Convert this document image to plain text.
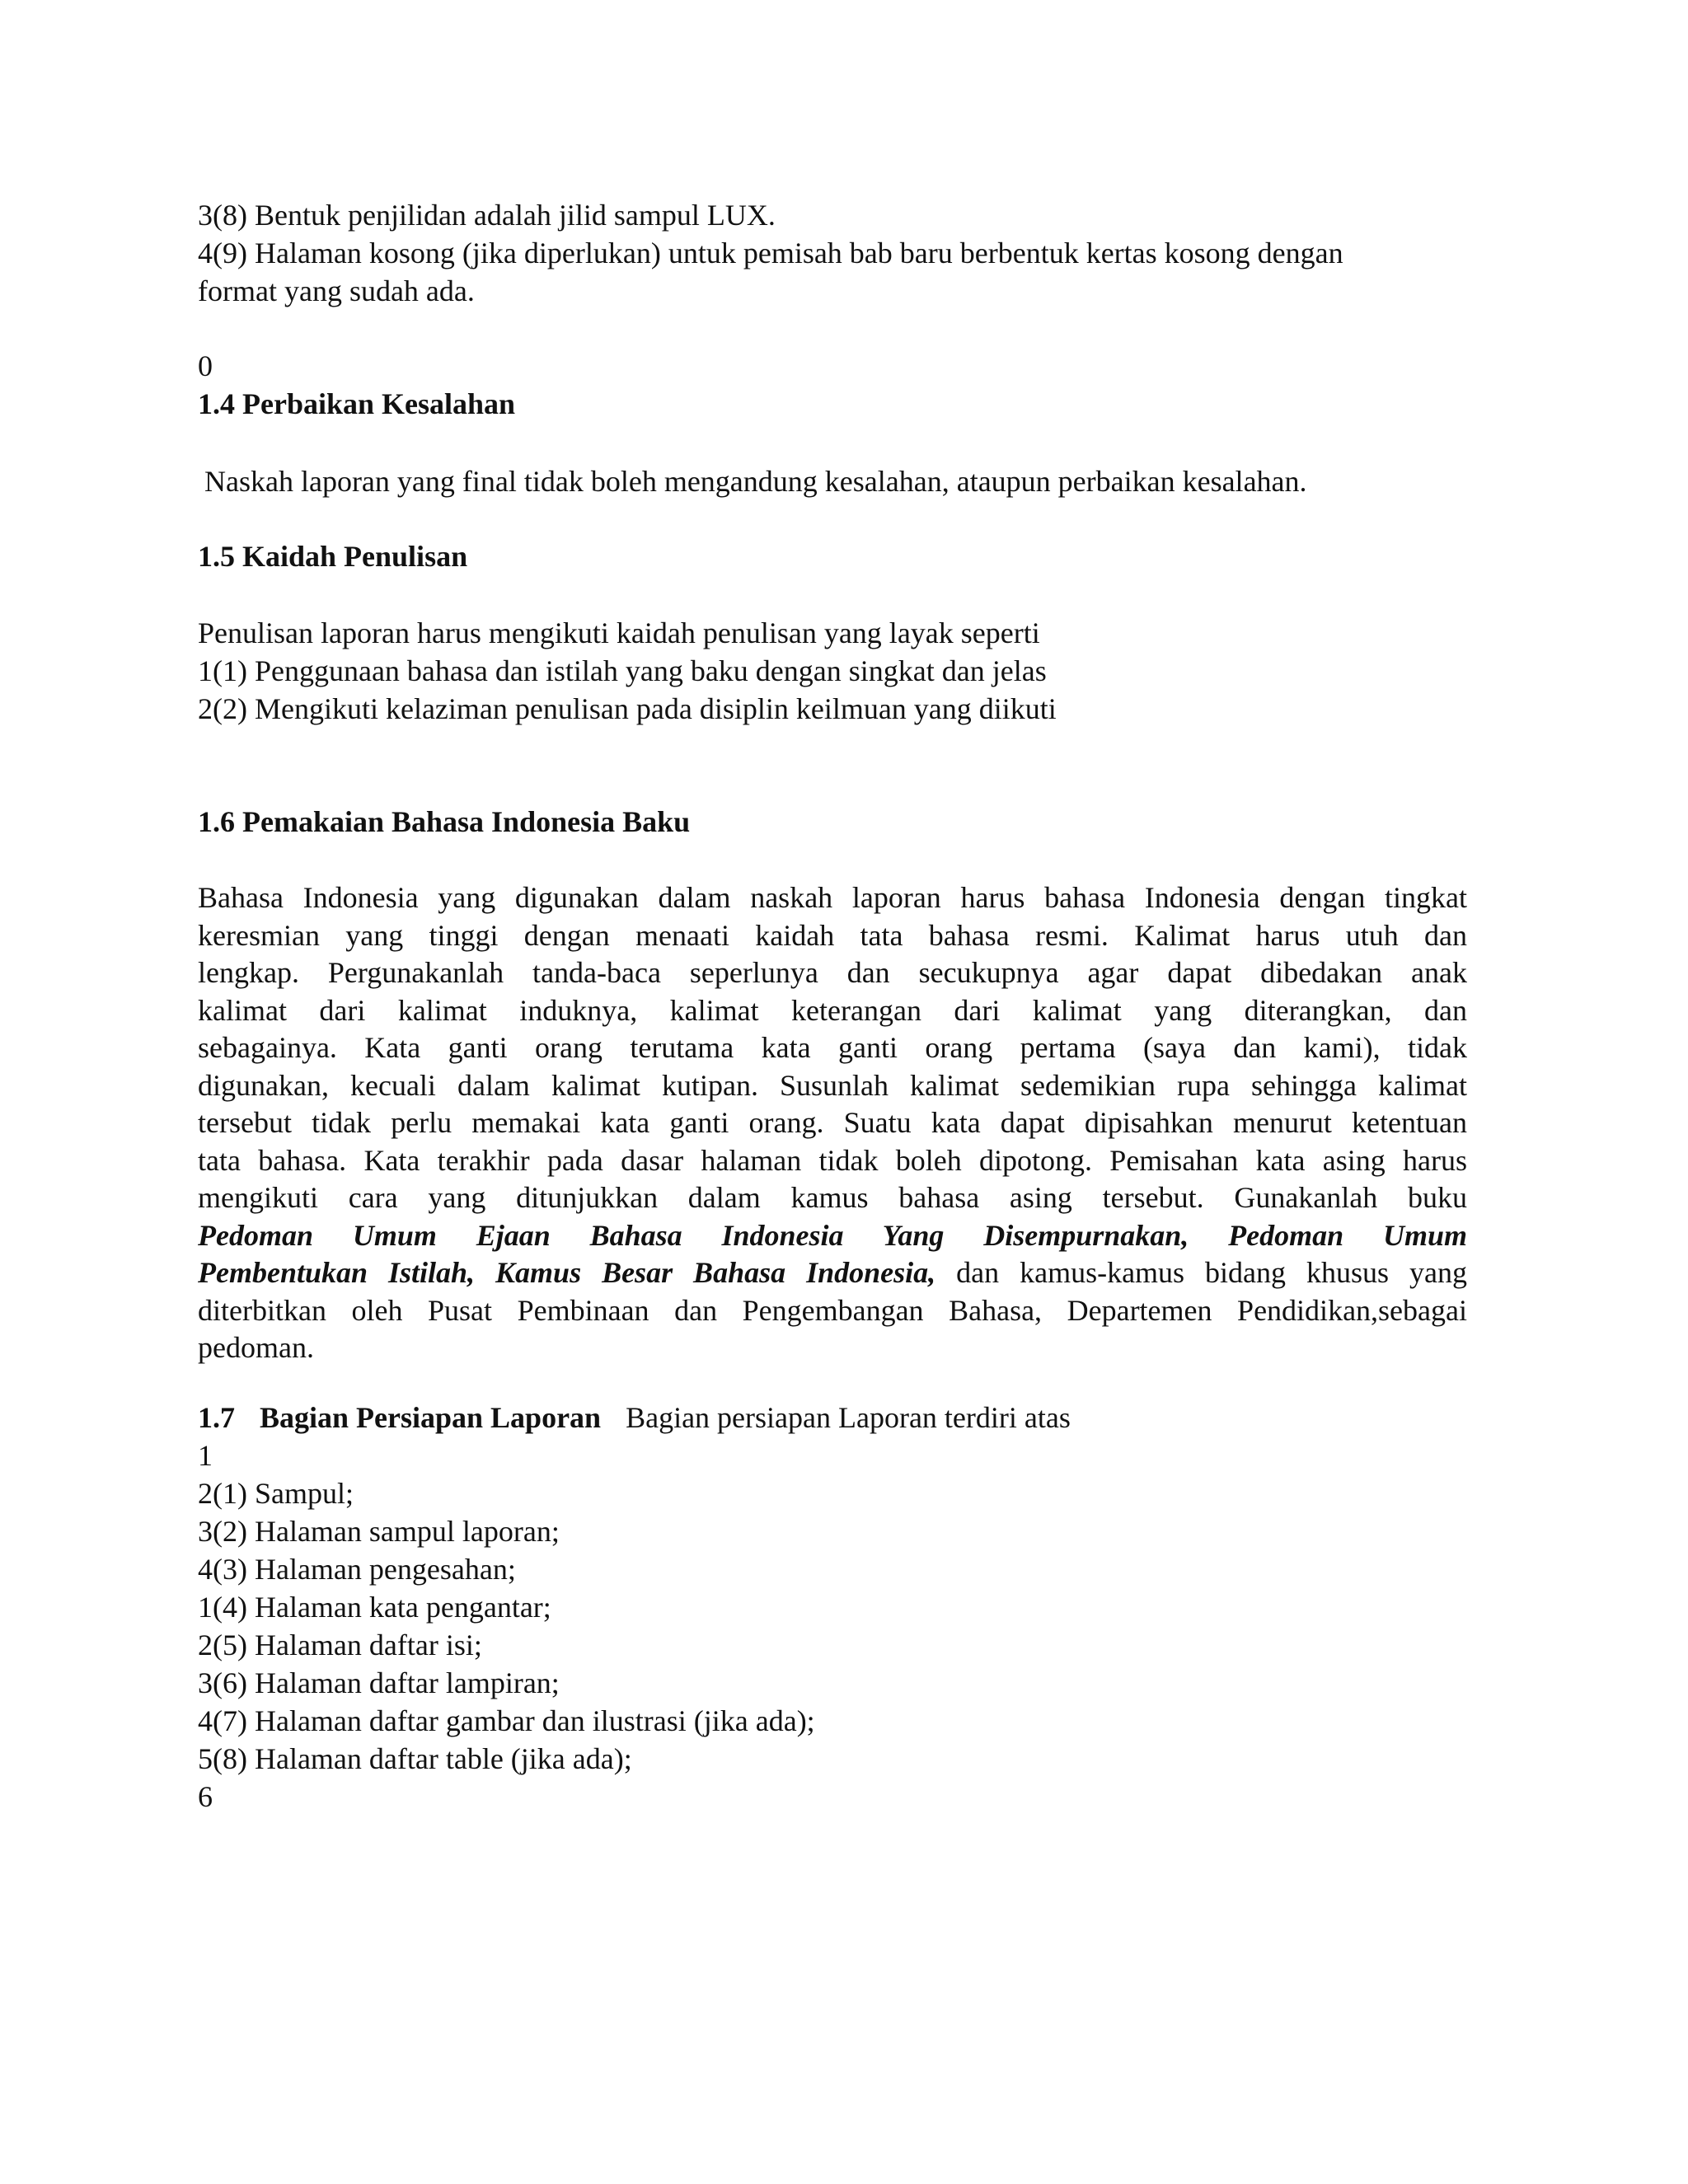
3(8) Bentuk penjilidan adalah jilid sampul LUX.

4(9) Halaman kosong (jika diperlukan) untuk pemisah bab baru berbentuk kertas kosong dengan

format yang sudah ada.

0

1.4 Perbaikan Kesalahan

Naskah laporan yang final tidak boleh mengandung kesalahan, ataupun perbaikan kesalahan.

1.5 Kaidah Penulisan

Penulisan laporan harus mengikuti kaidah penulisan yang layak seperti

1(1) Penggunaan bahasa dan istilah yang baku dengan singkat dan jelas

2(2) Mengikuti kelaziman penulisan pada disiplin keilmuan yang diikuti

1.6 Pemakaian Bahasa Indonesia Baku

Bahasa Indonesia yang digunakan dalam naskah laporan harus bahasa Indonesia dengan tingkat
keresmian yang tinggi dengan menaati kaidah tata bahasa resmi. Kalimat harus utuh dan
lengkap. Pergunakanlah tanda-baca seperlunya dan secukupnya agar dapat dibedakan anak
kalimat dari kalimat induknya, kalimat keterangan dari kalimat yang diterangkan, dan
sebagainya. Kata ganti orang terutama kata ganti orang pertama (saya dan kami), tidak
digunakan, kecuali dalam kalimat kutipan. Susunlah kalimat sedemikian rupa sehingga kalimat
tersebut tidak perlu memakai kata ganti orang. Suatu kata dapat dipisahkan menurut ketentuan
tata bahasa. Kata terakhir pada dasar halaman tidak boleh dipotong. Pemisahan kata asing harus
mengikuti cara yang ditunjukkan dalam kamus bahasa asing tersebut. Gunakanlah buku
Pedoman Umum Ejaan Bahasa Indonesia Yang Disempurnakan, Pedoman Umum
Pembentukan Istilah, Kamus Besar Bahasa Indonesia, dan kamus-kamus bidang khusus yang
diterbitkan oleh Pusat Pembinaan dan Pengembangan Bahasa, Departemen Pendidikan,sebagai
pedoman.

1.7 Bagian Persiapan Laporan Bagian persiapan Laporan terdiri atas

1

2(1) Sampul;

3(2) Halaman sampul laporan;

4(3) Halaman pengesahan;

1(4) Halaman kata pengantar;

2(5) Halaman daftar isi;

3(6) Halaman daftar lampiran;

4(7) Halaman daftar gambar dan ilustrasi (jika ada);

5(8) Halaman daftar table (jika ada);

6
